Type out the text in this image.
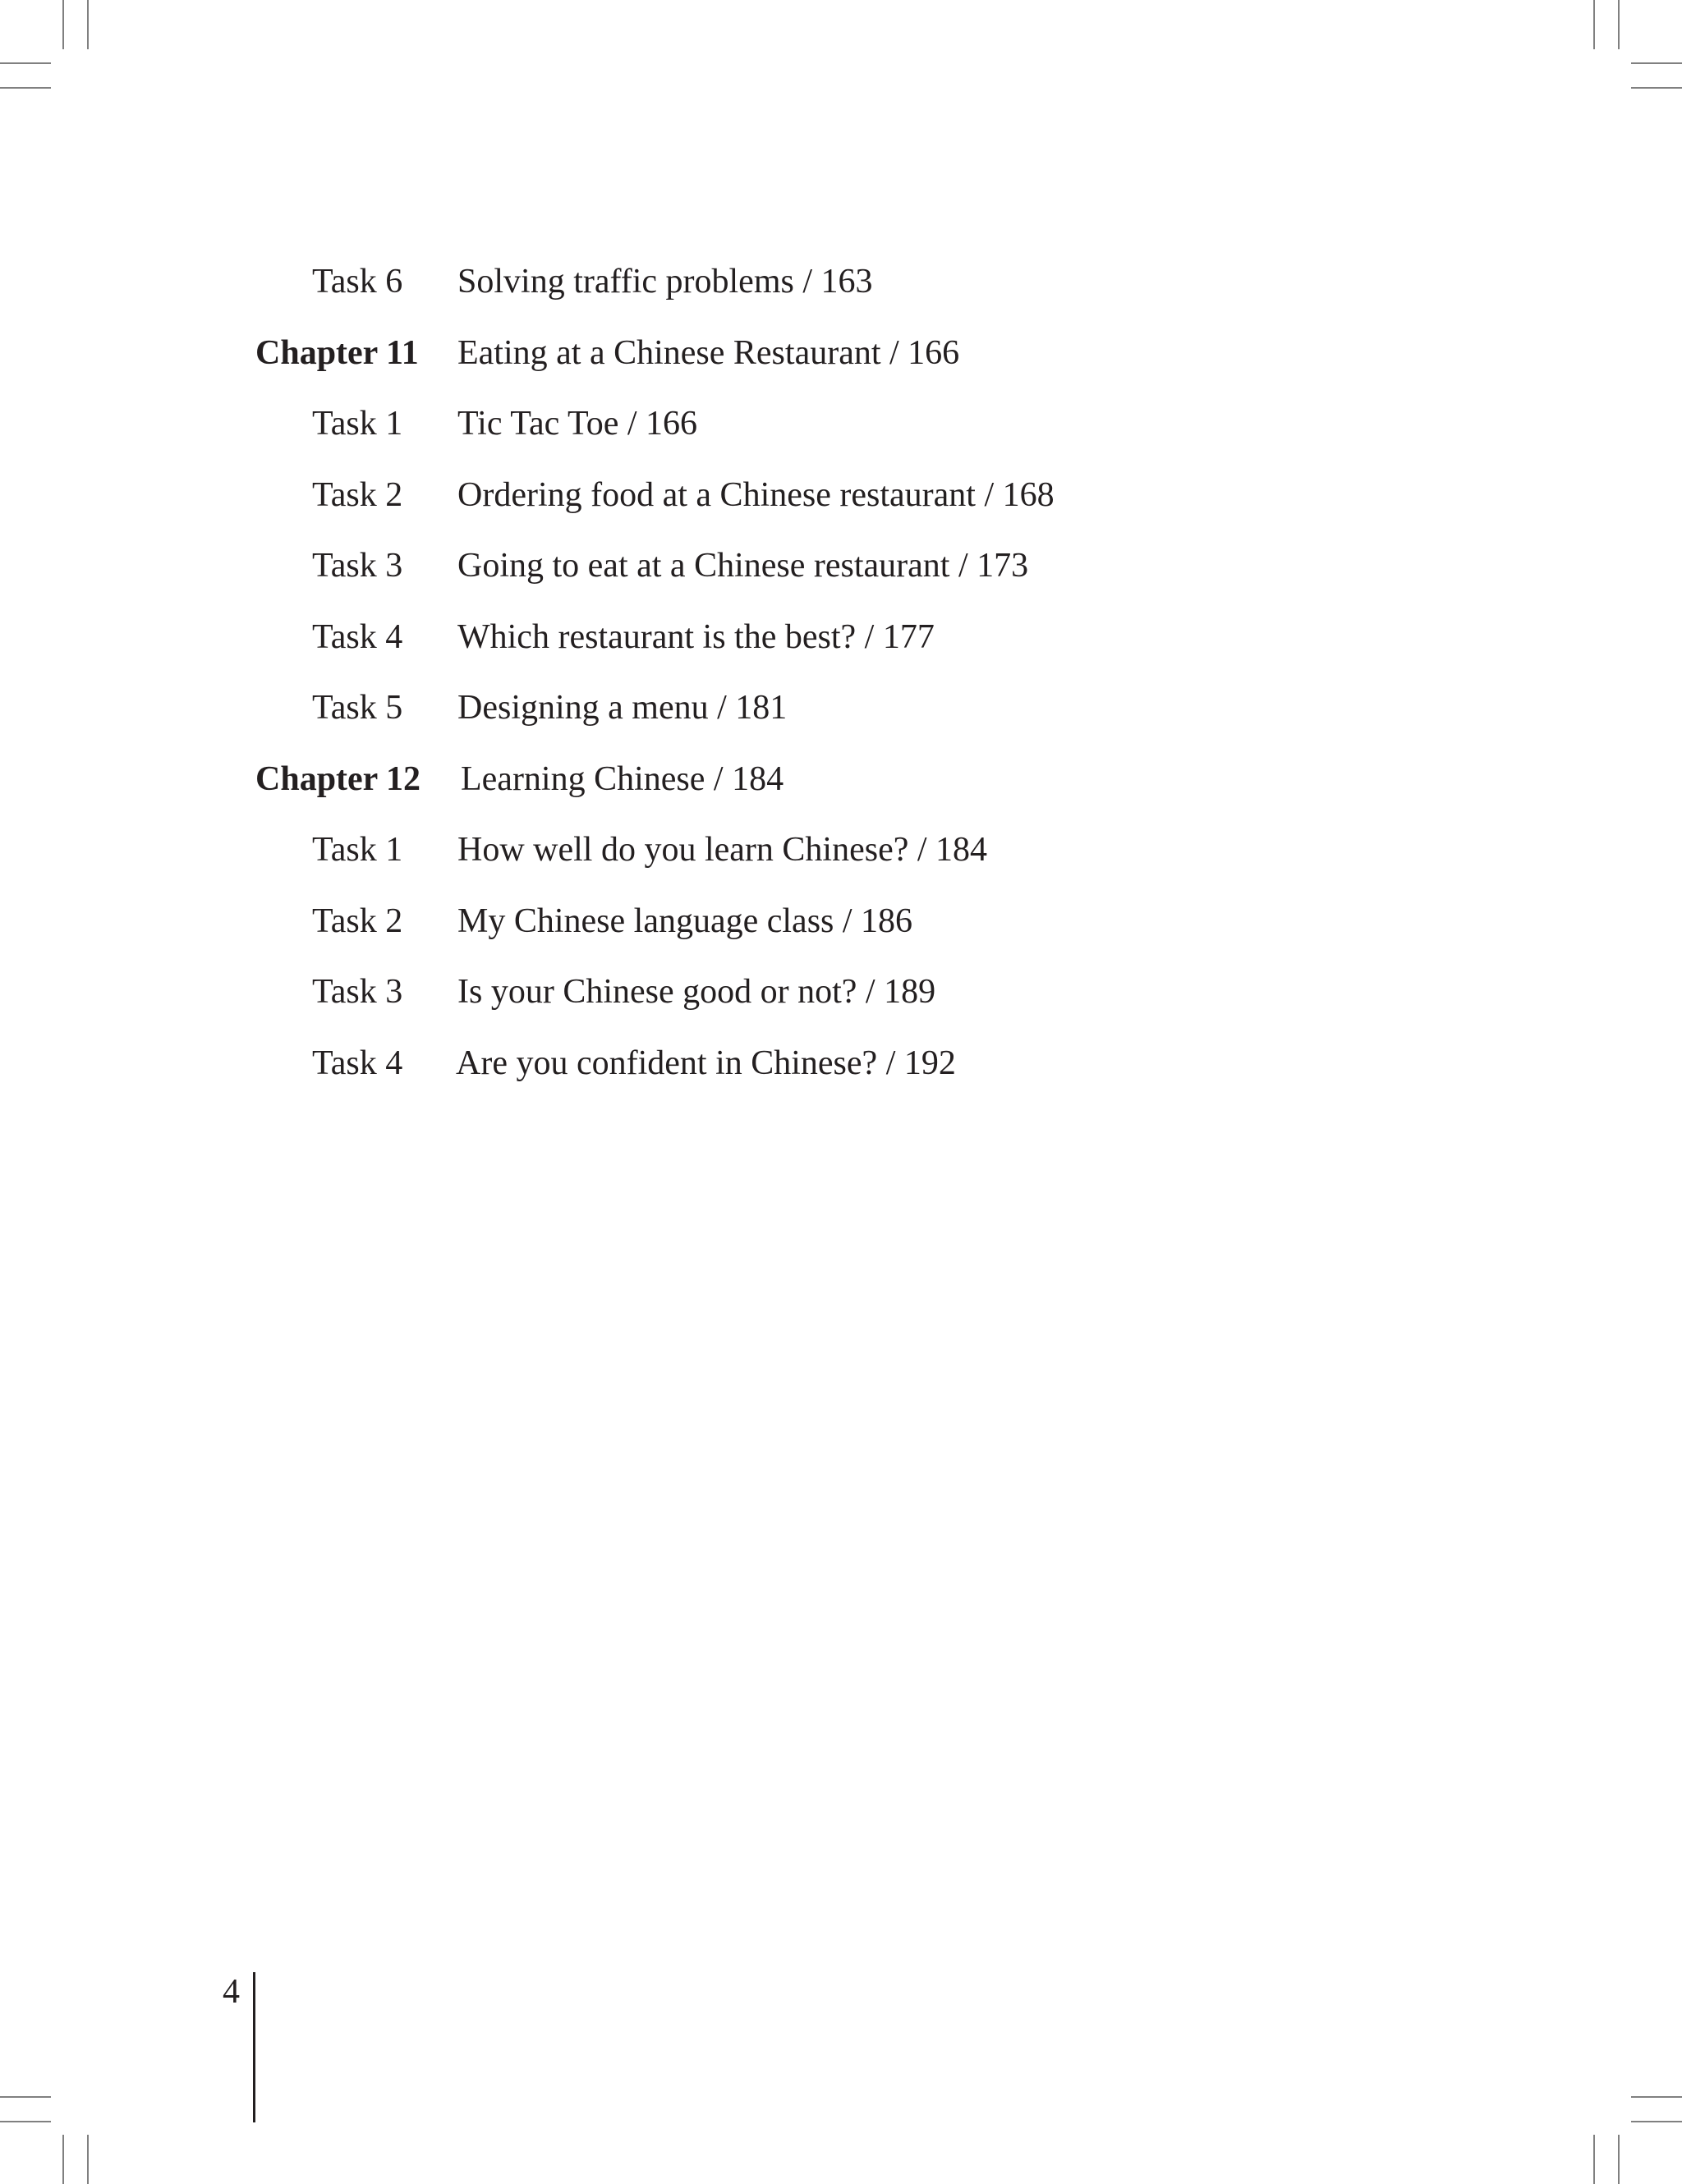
Task 6 Solving traffic problems / 163
Chapter 11 Eating at a Chinese Restaurant / 166
Task 1 Tic Tac Toe / 166
Task 2 Ordering food at a Chinese restaurant / 168
Task 3 Going to eat at a Chinese restaurant / 173
Task 4 Which restaurant is the best? / 177
Task 5 Designing a menu / 181
Chapter 12 Learning Chinese / 184
Task 1 How well do you learn Chinese? / 184
Task 2 My Chinese language class / 186
Task 3 Is your Chinese good or not? / 189
Task 4 Are you confident in Chinese? / 192
4
